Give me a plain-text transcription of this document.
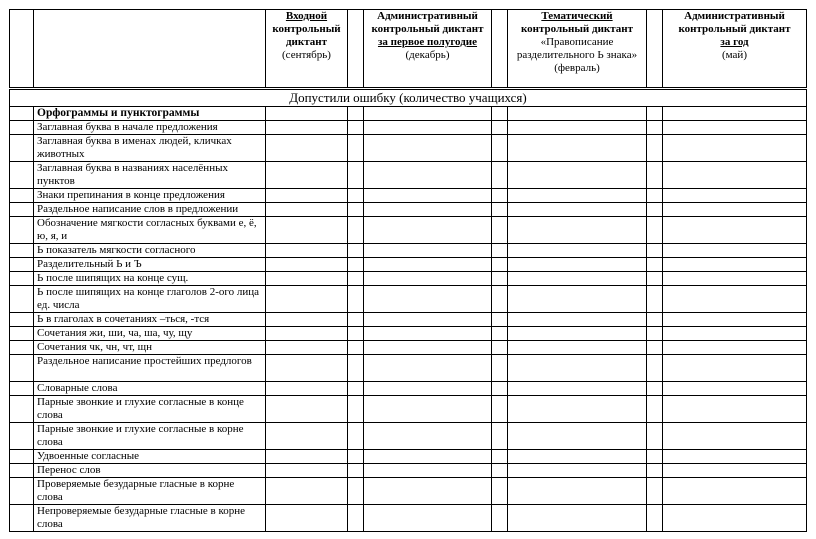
		Входной
контрольный
диктант
(сентябрь)		Административный
контрольный диктант
за первое полугодие
(декабрь)		Тематический
контрольный диктант
«Правописание
разделительного Ь знака»
(февраль)		Административный
контрольный диктант
за год
(май)

Допустили ошибку (количество учащихся)								
	Орфограммы и пунктограммы							
	Заглавная буква в начале предложения							
	Заглавная буква в именах людей, кличках животных							
	Заглавная буква в названиях населённых пунктов							
	Знаки препинания в конце предложения							
	Раздельное написание слов в предложении							
	Обозначение мягкости согласных буквами е, ё, ю, я, и							
	Ь показатель мягкости согласного							
	Разделительный Ь и Ъ							
	Ь после шипящих на конце сущ.							
	Ь после шипящих на конце глаголов 2-ого лица ед. числа							
	Ь в глаголах в сочетаниях –ться, -тся							
	Сочетания жи, ши, ча, ша, чу, щу							
	Сочетания чк, чн, чт, щн							
	Раздельное написание простейших предлогов							
	Словарные слова							
	Парные звонкие и глухие согласные в конце слова							
	Парные звонкие и глухие согласные в корне слова							
	Удвоенные согласные							
	Перенос слов							
	Проверяемые безударные гласные в корне слова							
	Непроверяемые безударные гласные в корне слова							
